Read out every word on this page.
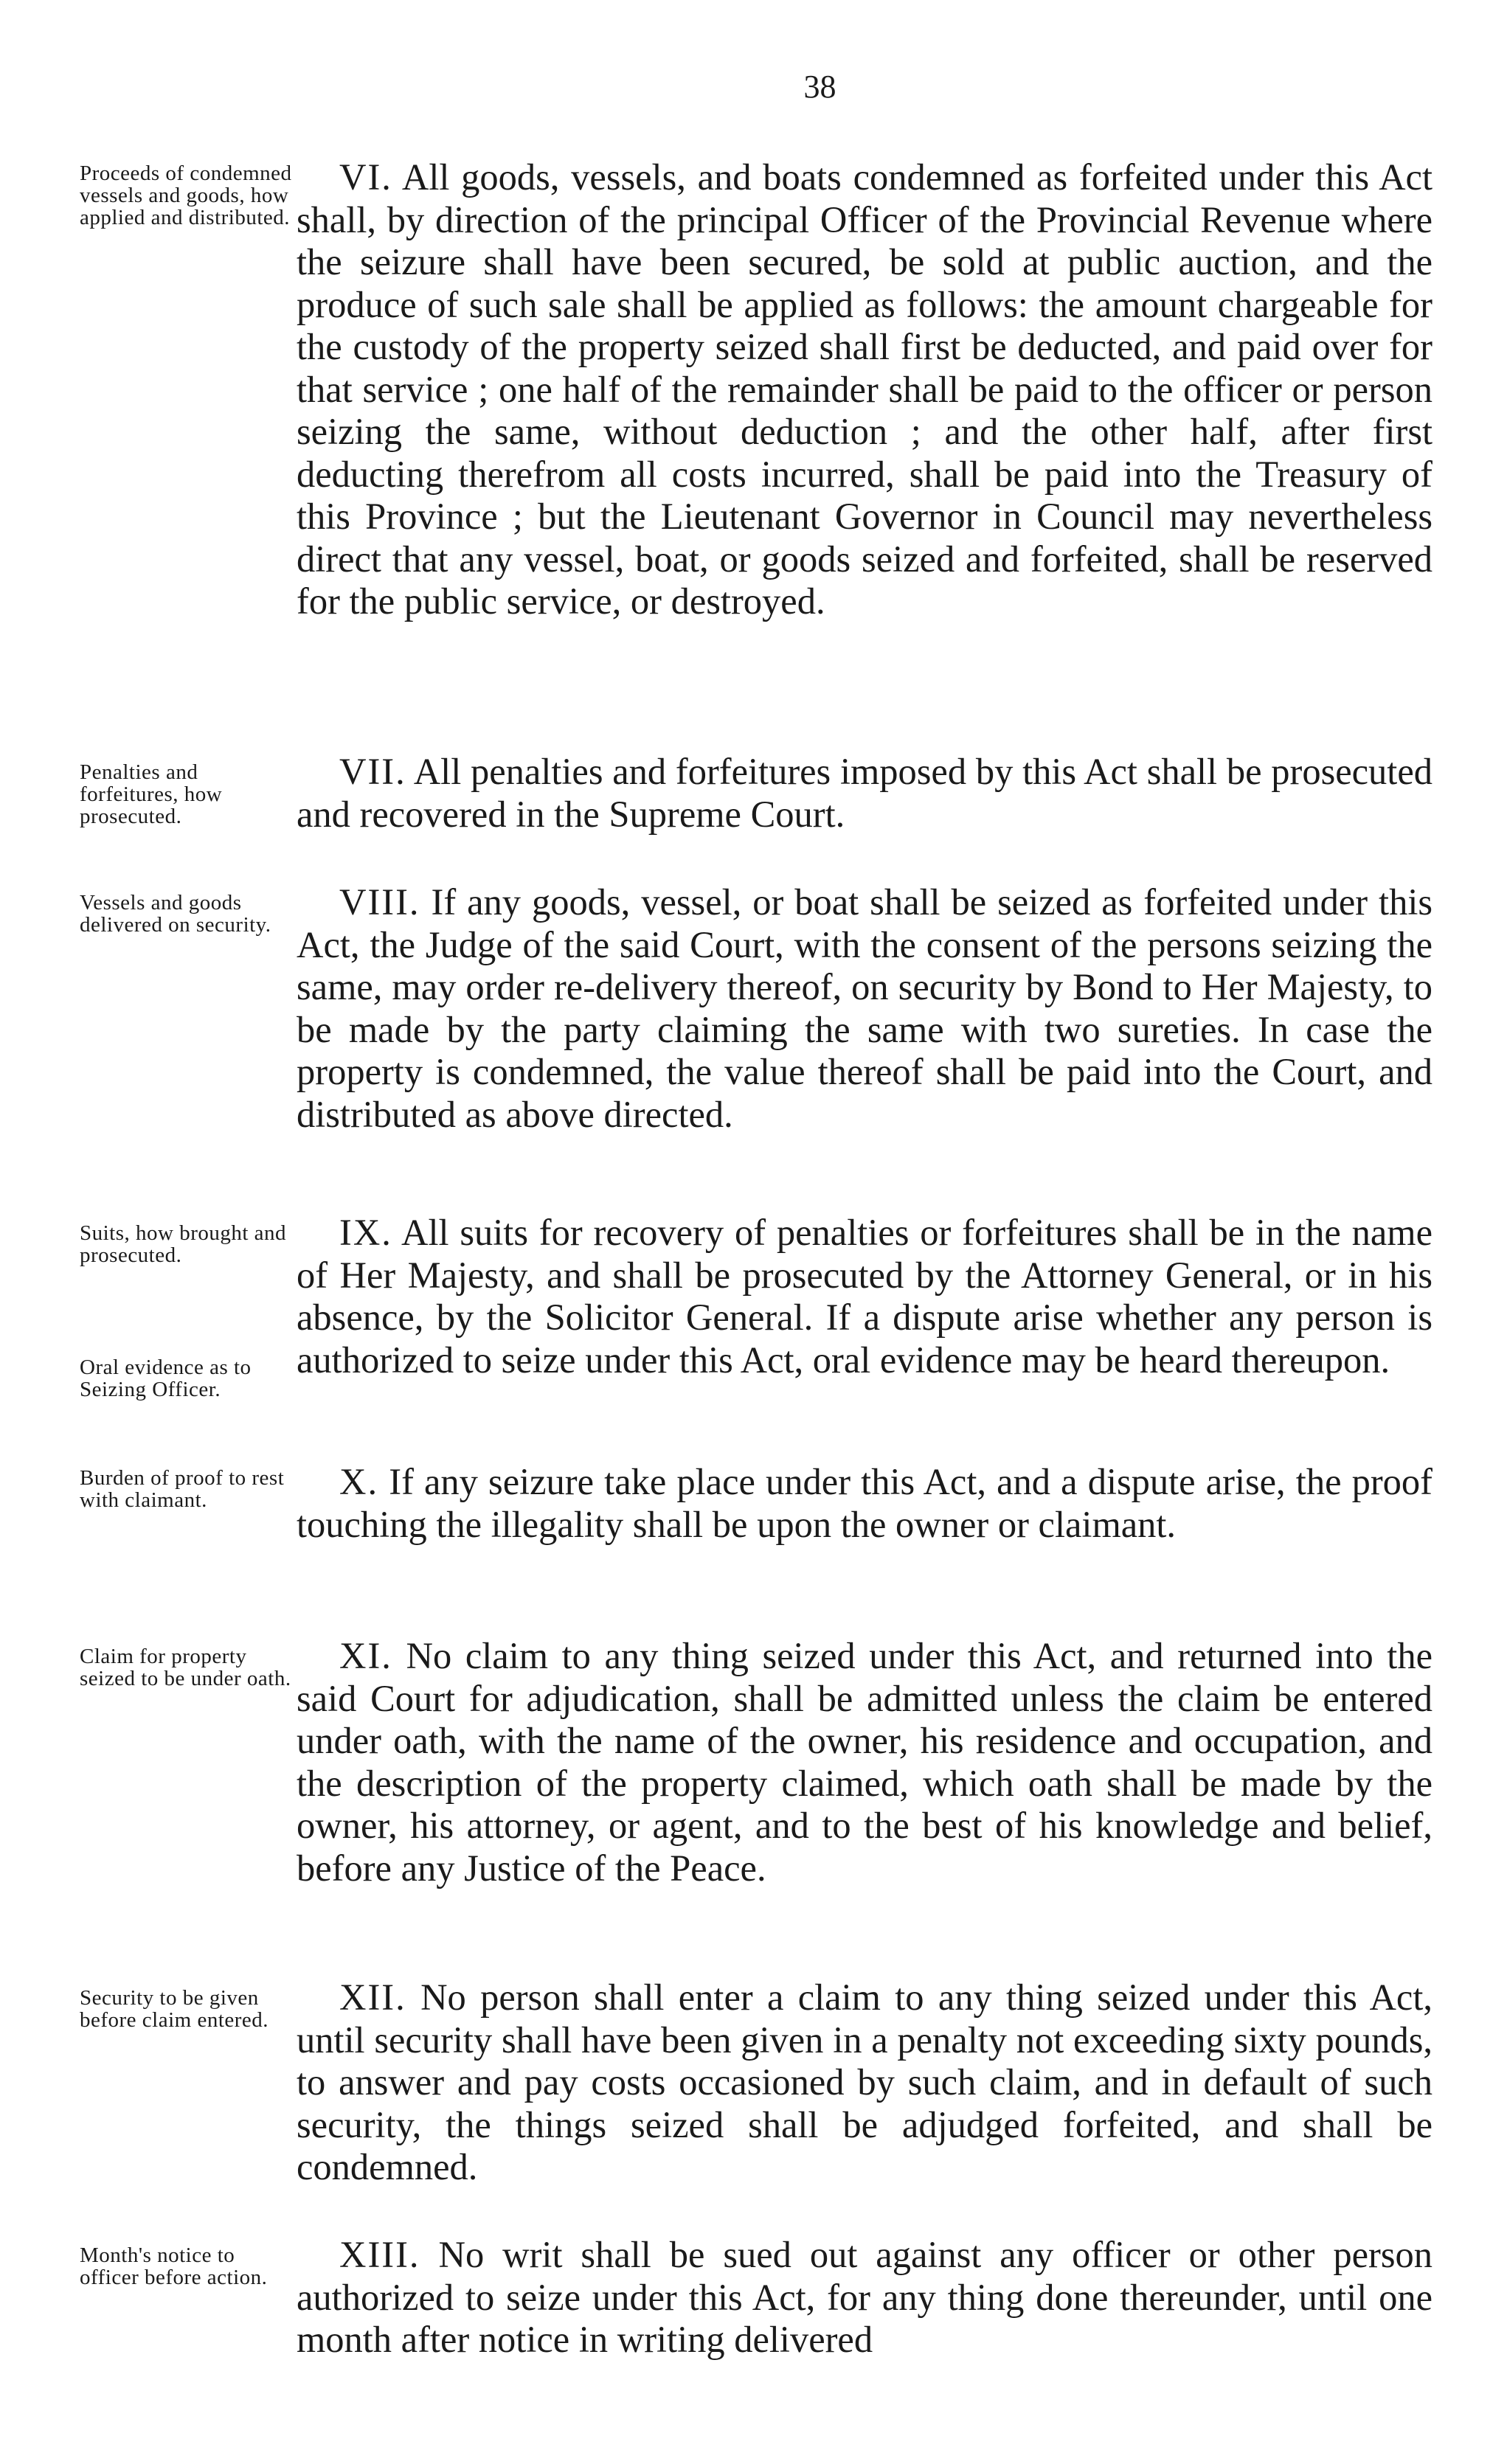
38
Proceeds of condemned vessels and goods, how applied and distributed.
VI. All goods, vessels, and boats condemned as forfeited under this Act shall, by direction of the principal Officer of the Provincial Revenue where the seizure shall have been secured, be sold at public auction, and the produce of such sale shall be applied as follows: the amount chargeable for the custody of the property seized shall first be deducted, and paid over for that service ; one half of the remainder shall be paid to the officer or person seizing the same, without deduction ; and the other half, after first deducting therefrom all costs incurred, shall be paid into the Treasury of this Province ; but the Lieutenant Governor in Council may nevertheless direct that any vessel, boat, or goods seized and forfeited, shall be reserved for the public service, or destroyed.
Penalties and forfeitures, how prosecuted.
VII. All penalties and forfeitures imposed by this Act shall be prosecuted and recovered in the Supreme Court.
Vessels and goods delivered on security.
VIII. If any goods, vessel, or boat shall be seized as forfeited under this Act, the Judge of the said Court, with the consent of the persons seizing the same, may order re-delivery thereof, on security by Bond to Her Majesty, to be made by the party claiming the same with two sureties. In case the property is condemned, the value thereof shall be paid into the Court, and distributed as above directed.
Suits, how brought and prosecuted.
Oral evidence as to Seizing Officer.
IX. All suits for recovery of penalties or forfeitures shall be in the name of Her Majesty, and shall be prosecuted by the Attorney General, or in his absence, by the Solicitor General. If a dispute arise whether any person is authorized to seize under this Act, oral evidence may be heard thereupon.
Burden of proof to rest with claimant.	X. If any seizure take place under this Act, and a dispute arise, the proof touching the illegality shall be upon the owner or claimant.
Claim for property seized to be under oath.
XI. No claim to any thing seized under this Act, and returned into the said Court for adjudication, shall be admitted unless the claim be entered under oath, with the name of the owner, his residence and occupation, and the description of the property claimed, which oath shall be made by the owner, his attorney, or agent, and to the best of his knowledge and belief, before any Justice of the Peace.
Security to be given before claim entered.
XII. No person shall enter a claim to any thing seized under this Act, until security shall have been given in a penalty not exceeding sixty pounds, to answer and pay costs occasioned by such claim, and in default of such security, the things seized shall be adjudged forfeited, and shall be condemned.
Month's notice to officer before action.
XIII. No writ shall be sued out against any officer or other person authorized to seize under this Act, for any thing done thereunder, until one month after notice in writing delivered
